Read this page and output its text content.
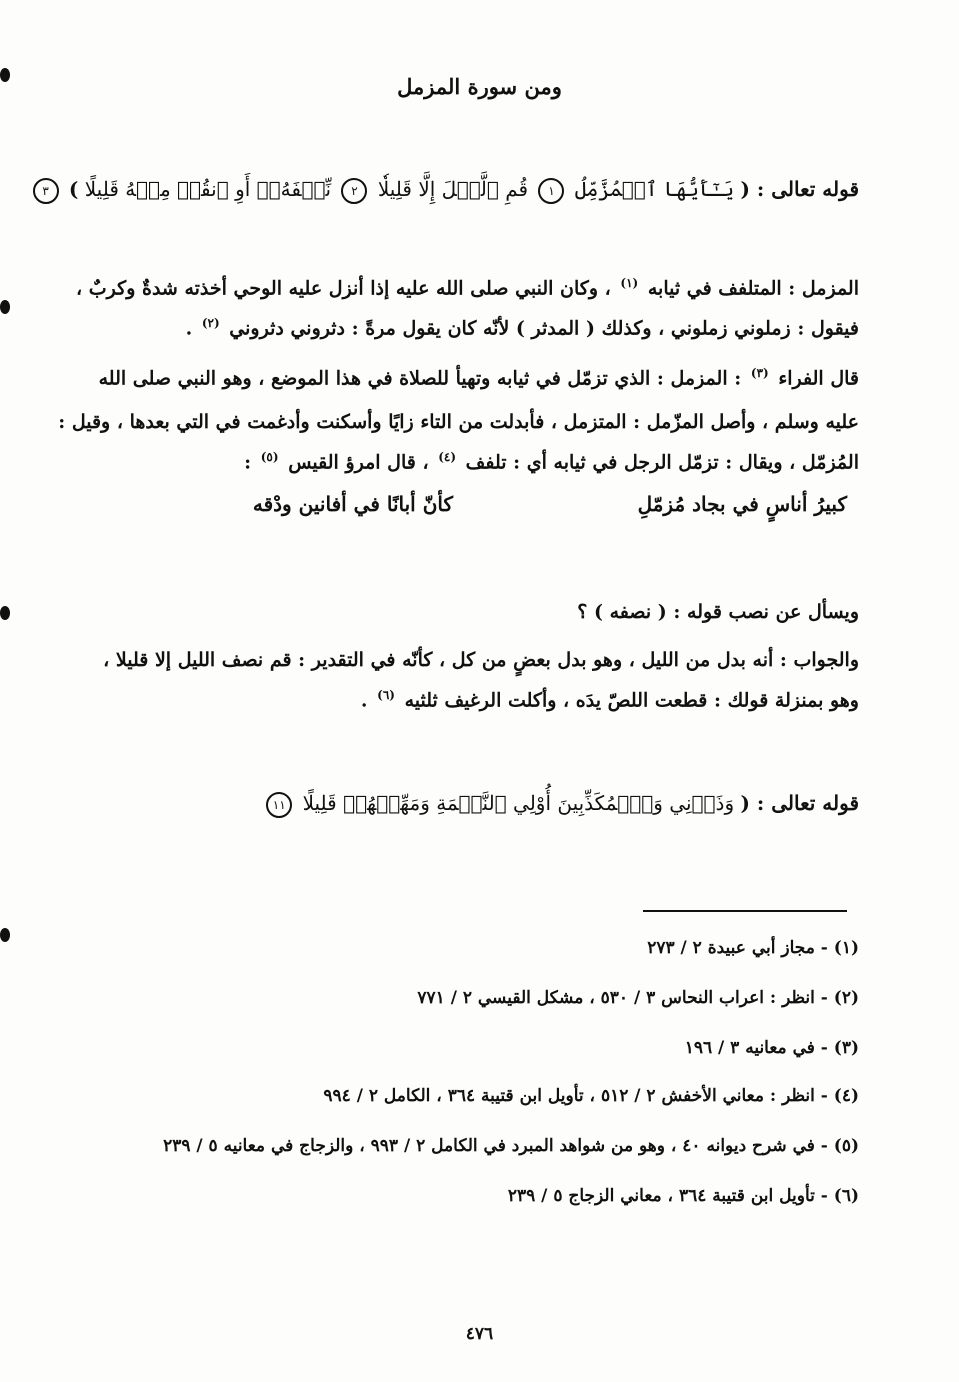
ومن سورة المزمل
قوله تعالى : ( يَـٰٓأَيُّهَا ٱلۡمُزَّمِّلُ ١ قُمِ ٱلَّيۡلَ إِلَّا قَلِيلٗا ٢ نِّصۡفَهُۥٓ أَوِ ٱنقُصۡ مِنۡهُ قَلِيلًا ) ٣
المزمل : المتلفف في ثيابه $^{(١)}$ ، وكان النبي صلى الله عليه إذا أنزل عليه الوحي أخذته شدةٌ وكربٌ ،
فيقول : زملوني زملوني ، وكذلك ( المدثر ) لأنّه كان يقول مرةً : دثروني دثروني $^{(٢)}$ .
قال الفراء $^{(٣)}$ : المزمل : الذي تزمّل في ثيابه وتهيأ للصلاة في هذا الموضع ، وهو النبي صلى الله
عليه وسلم ، وأصل المزّمل : المتزمل ، فأبدلت من التاء زايًا وأسكنت وأدغمت في التي بعدها ، وقيل :
المُزمّل ، ويقال : تزمّل الرجل في ثيابه أي : تلفف $^{(٤)}$ ، قال امرؤ القيس $^{(٥)}$ :
كأنّ أبانًا في أفانين ودْقه	كبيرُ أناسٍ في بجاد مُزمّلِ
ويسأل عن نصب قوله : ( نصفه ) ؟
والجواب : أنه بدل من الليل ، وهو بدل بعضٍ من كل ، كأنّه في التقدير : قم نصف الليل إلا قليلا ،
وهو بمنزلة قولك : قطعت اللصّ يدَه ، وأكلت الرغيف ثلثيه $^{(٦)}$ .
قوله تعالى : ( وَذَرۡنِي وَٱلۡمُكَذِّبِينَ أُوْلِي ٱلنَّعۡمَةِ وَمَهِّلۡهُمۡ قَلِيلًا ١١
(١) - مجاز أبي عبيدة ٢ / ٢٧٣
(٢) - انظر : اعراب النحاس ٣ / ٥٣٠ ، مشكل القيسي ٢ / ٧٧١
(٣) - في معانيه ٣ / ١٩٦
(٤) - انظر : معاني الأخفش ٢ / ٥١٢ ، تأويل ابن قتيبة ٣٦٤ ، الكامل ٢ / ٩٩٤
(٥) - في شرح ديوانه ٤٠ ، وهو من شواهد المبرد في الكامل ٢ / ٩٩٣ ، والزجاج في معانيه ٥ / ٢٣٩
(٦) - تأويل ابن قتيبة ٣٦٤ ، معاني الزجاج ٥ / ٢٣٩
٤٧٦
